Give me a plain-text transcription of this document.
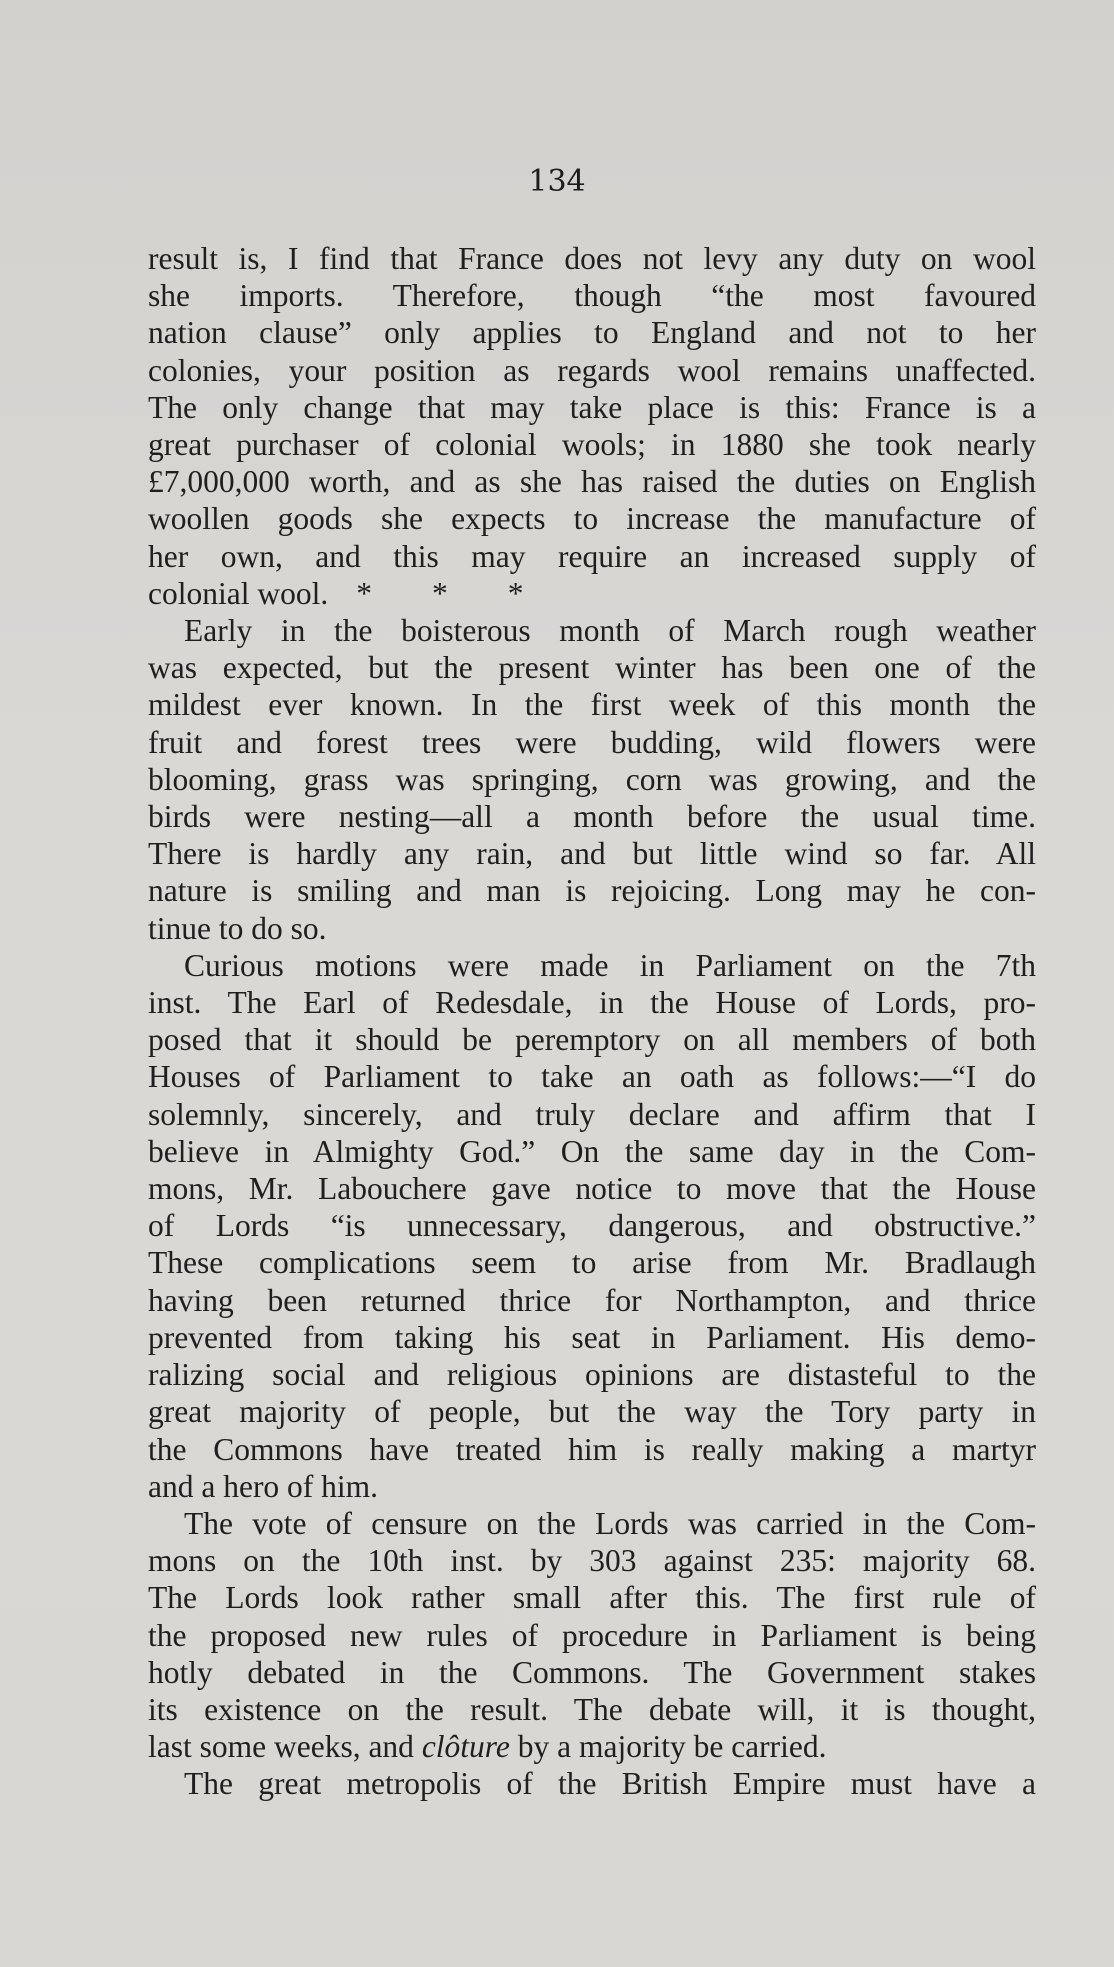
134

result is, I find that France does not levy any duty on wool
she imports. Therefore, though “the most favoured
nation clause” only applies to England and not to her
colonies, your position as regards wool remains unaffected.
The only change that may take place is this: France is a
great purchaser of colonial wools; in 1880 she took nearly
£7,000,000 worth, and as she has raised the duties on English
woollen goods she expects to increase the manufacture of
her own, and this may require an increased supply of
colonial wool. * * *

Early in the boisterous month of March rough weather
was expected, but the present winter has been one of the
mildest ever known. In the first week of this month the
fruit and forest trees were budding, wild flowers were
blooming, grass was springing, corn was growing, and the
birds were nesting—all a month before the usual time.
There is hardly any rain, and but little wind so far. All
nature is smiling and man is rejoicing. Long may he con-
tinue to do so.

Curious motions were made in Parliament on the 7th
inst. The Earl of Redesdale, in the House of Lords, pro-
posed that it should be peremptory on all members of both
Houses of Parliament to take an oath as follows:—“I do
solemnly, sincerely, and truly declare and affirm that I
believe in Almighty God.” On the same day in the Com-
mons, Mr. Labouchere gave notice to move that the House
of Lords “is unnecessary, dangerous, and obstructive.”
These complications seem to arise from Mr. Bradlaugh
having been returned thrice for Northampton, and thrice
prevented from taking his seat in Parliament. His demo-
ralizing social and religious opinions are distasteful to the
great majority of people, but the way the Tory party in
the Commons have treated him is really making a martyr
and a hero of him.

The vote of censure on the Lords was carried in the Com-
mons on the 10th inst. by 303 against 235: majority 68.
The Lords look rather small after this. The first rule of
the proposed new rules of procedure in Parliament is being
hotly debated in the Commons. The Government stakes
its existence on the result. The debate will, it is thought,
last some weeks, and clôture by a majority be carried.

The great metropolis of the British Empire must have a
